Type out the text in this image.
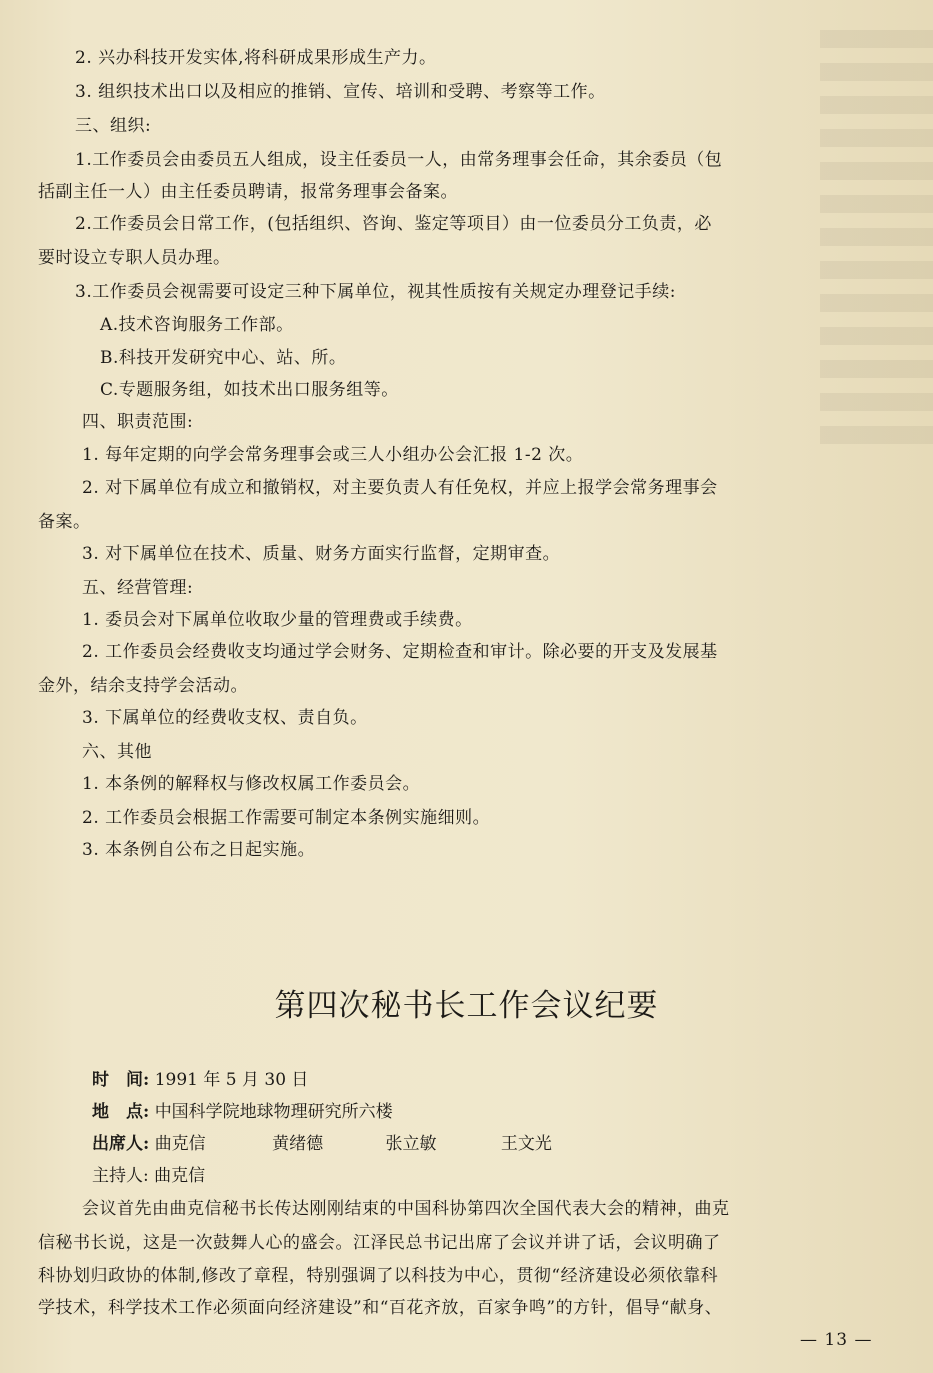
2. 兴办科技开发实体,将科研成果形成生产力。

3. 组织技术出口以及相应的推销、宣传、培训和受聘、考察等工作。

三、组织:

1.工作委员会由委员五人组成，设主任委员一人，由常务理事会任命，其余委员（包

括副主任一人）由主任委员聘请，报常务理事会备案。

2.工作委员会日常工作，(包括组织、咨询、鉴定等项目）由一位委员分工负责，必

要时设立专职人员办理。

3.工作委员会视需要可设定三种下属单位，视其性质按有关规定办理登记手续:

A.技术咨询服务工作部。

B.科技开发研究中心、站、所。

C.专题服务组，如技术出口服务组等。

四、职责范围:

1. 每年定期的向学会常务理事会或三人小组办公会汇报 1-2 次。

2. 对下属单位有成立和撤销权，对主要负责人有任免权，并应上报学会常务理事会

备案。

3. 对下属单位在技术、质量、财务方面实行监督，定期审查。

五、经营管理:

1. 委员会对下属单位收取少量的管理费或手续费。

2. 工作委员会经费收支均通过学会财务、定期检查和审计。除必要的开支及发展基

金外，结余支持学会活动。

3. 下属单位的经费收支权、责自负。

六、其他

1. 本条例的解释权与修改权属工作委员会。

2. 工作委员会根据工作需要可制定本条例实施细则。

3. 本条例自公布之日起实施。

第四次秘书长工作会议纪要
时　间: 1991 年 5 月 30 日
地　点: 中国科学院地球物理研究所六楼
出席人: 曲克信	黄绪德	张立敏	王文光
主持人: 曲克信

会议首先由曲克信秘书长传达刚刚结束的中国科协第四次全国代表大会的精神，曲克

信秘书长说，这是一次鼓舞人心的盛会。江泽民总书记出席了会议并讲了话，会议明确了

科协划归政协的体制,修改了章程，特别强调了以科技为中心，贯彻“经济建设必须依靠科

学技术，科学技术工作必须面向经济建设”和“百花齐放，百家争鸣”的方针，倡导“献身、

— 13 —
